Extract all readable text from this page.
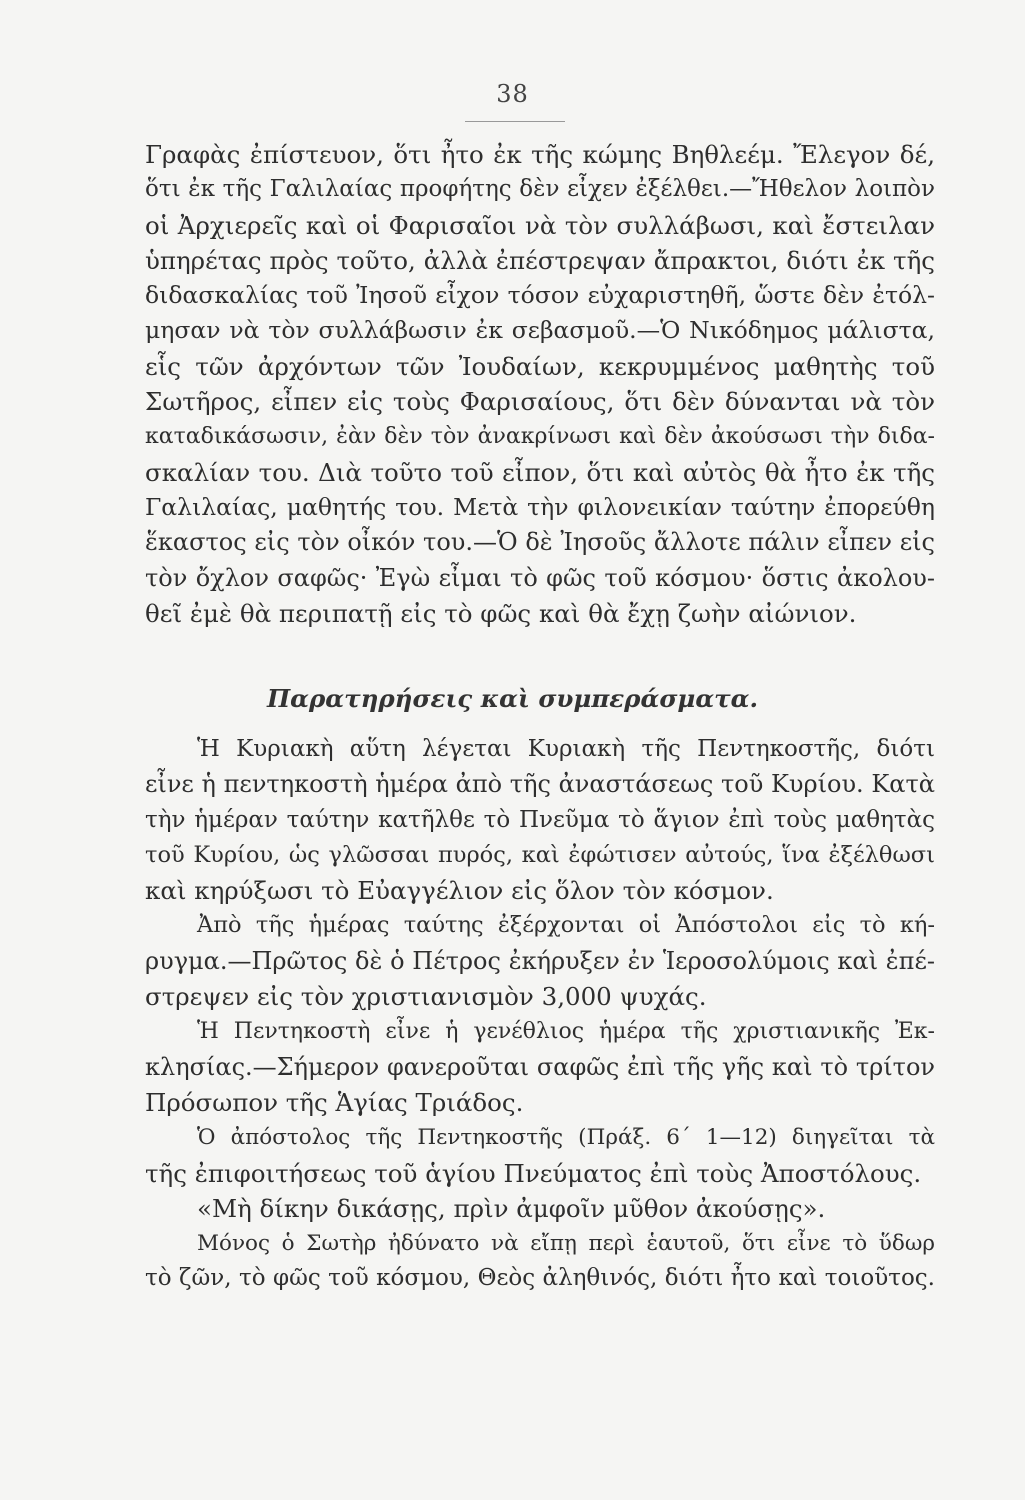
38
Γραφὰς ἐπίστευον, ὅτι ἦτο ἐκ τῆς κώμης Βηθλεέμ. Ἔλεγον δέ,
ὅτι ἐκ τῆς Γαλιλαίας προφήτης δὲν εἶχεν ἐξέλθει.—Ἤθελον λοιπὸν
οἱ Ἀρχιερεῖς καὶ οἱ Φαρισαῖοι νὰ τὸν συλλάβωσι, καὶ ἔστειλαν
ὑπηρέτας πρὸς τοῦτο, ἀλλὰ ἐπέστρεψαν ἄπρακτοι, διότι ἐκ τῆς
διδασκαλίας τοῦ Ἰησοῦ εἶχον τόσον εὐχαριστηθῆ, ὥστε δὲν ἐτόλ-
μησαν νὰ τὸν συλλάβωσιν ἐκ σεβασμοῦ.—Ὁ Νικόδημος μάλιστα,
εἷς τῶν ἀρχόντων τῶν Ἰουδαίων, κεκρυμμένος μαθητὴς τοῦ
Σωτῆρος, εἶπεν εἰς τοὺς Φαρισαίους, ὅτι δὲν δύνανται νὰ τὸν
καταδικάσωσιν, ἐὰν δὲν τὸν ἀνακρίνωσι καὶ δὲν ἀκούσωσι τὴν διδα-
σκαλίαν του. Διὰ τοῦτο τοῦ εἶπον, ὅτι καὶ αὐτὸς θὰ ἦτο ἐκ τῆς
Γαλιλαίας, μαθητής του. Μετὰ τὴν φιλονεικίαν ταύτην ἐπορεύθη
ἕκαστος εἰς τὸν οἶκόν του.—Ὁ δὲ Ἰησοῦς ἄλλοτε πάλιν εἶπεν εἰς
τὸν ὄχλον σαφῶς· Ἐγὼ εἶμαι τὸ φῶς τοῦ κόσμου· ὅστις ἀκολου-
θεῖ ἐμὲ θὰ περιπατῇ εἰς τὸ φῶς καὶ θὰ ἔχῃ ζωὴν αἰώνιον.
Παρατηρήσεις καὶ συμπεράσματα.
Ἡ Κυριακὴ αὕτη λέγεται Κυριακὴ τῆς Πεντηκοστῆς, διότι
εἶνε ἡ πεντηκοστὴ ἡμέρα ἀπὸ τῆς ἀναστάσεως τοῦ Κυρίου. Κατὰ
τὴν ἡμέραν ταύτην κατῆλθε τὸ Πνεῦμα τὸ ἅγιον ἐπὶ τοὺς μαθητὰς
τοῦ Κυρίου, ὡς γλῶσσαι πυρός, καὶ ἐφώτισεν αὐτούς, ἵνα ἐξέλθωσι
καὶ κηρύξωσι τὸ Εὐαγγέλιον εἰς ὅλον τὸν κόσμον.
Ἀπὸ τῆς ἡμέρας ταύτης ἐξέρχονται οἱ Ἀπόστολοι εἰς τὸ κή-
ρυγμα.—Πρῶτος δὲ ὁ Πέτρος ἐκήρυξεν ἐν Ἱεροσολύμοις καὶ ἐπέ-
στρεψεν εἰς τὸν χριστιανισμὸν 3,000 ψυχάς.
Ἡ Πεντηκοστὴ εἶνε ἡ γενέθλιος ἡμέρα τῆς χριστιανικῆς Ἐκ-
κλησίας.—Σήμερον φανεροῦται σαφῶς ἐπὶ τῆς γῆς καὶ τὸ τρίτον
Πρόσωπον τῆς Ἁγίας Τριάδος.
Ὁ ἀπόστολος τῆς Πεντηκοστῆς (Πράξ. 6΄ 1—12) διηγεῖται τὰ
τῆς ἐπιφοιτήσεως τοῦ ἁγίου Πνεύματος ἐπὶ τοὺς Ἀποστόλους.
«Μὴ δίκην δικάσῃς, πρὶν ἀμφοῖν μῦθον ἀκούσῃς».
Μόνος ὁ Σωτὴρ ἠδύνατο νὰ εἴπῃ περὶ ἑαυτοῦ, ὅτι εἶνε τὸ ὕδωρ
τὸ ζῶν, τὸ φῶς τοῦ κόσμου, Θεὸς ἀληθινός, διότι ἦτο καὶ τοιοῦτος.
